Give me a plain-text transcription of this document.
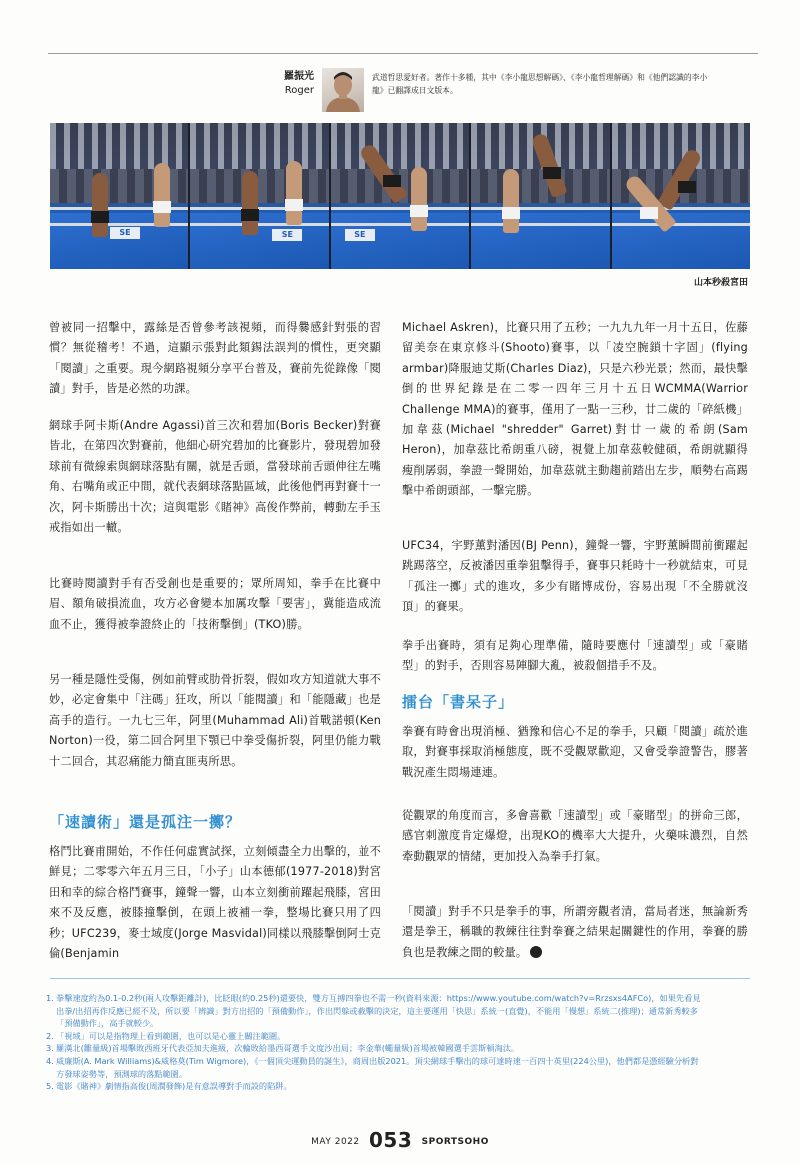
羅振光
Roger
武道哲思愛好者。著作十多種，其中《李小龍思想解碼》、《李小龍哲理解碼》和《他們認識的李小龍》已翻譯成日文版本。
SE	SE	SE
山本秒殺宮田

曾被同一招擊中，露絲是否曾參考該視頻，而得爨感針對張的習慣？無從稽考！不過，這顯示張對此類錫法誤判的慣性，更突顯「閱讀」之重要。現今網路視頻分享平台普及，賽前先從錄像「閱讀」對手，皆是必然的功課。

網球手阿卡斯(Andre Agassi)首三次和碧加(Boris Becker)對賽皆北，在第四次對賽前，他細心研究碧加的比賽影片，發現碧加發球前有微線索與網球落點有關，就是舌頭，當發球前舌頭伸往左嘴角、右嘴角或正中間，就代表網球落點區域，此後他們再對賽十一次，阿卡斯勝出十次；這與電影《賭神》高俊作弊前，轉動左手玉戒指如出一轍。

比賽時閱讀對手有否受創也是重要的；眾所周知，拳手在比賽中眉、額角破損流血，攻方必會變本加厲攻擊「要害」，冀能造成流血不止，獲得被拳證終止的「技術擊倒」(TKO)勝。

另一種是隱性受傷，例如前臂或肋骨折裂，假如攻方知道就大事不妙，必定會集中「注碼」狂攻，所以「能閱讀」和「能隱藏」也是高手的造行。一九七三年，阿里(Muhammad Ali)首戰諾頓(Ken Norton)一役，第二回合阿里下顎已中拳受傷折裂，阿里仍能力戰十二回合，其忍痛能力簡直匪夷所思。

「速讀術」還是孤注一擲？

格鬥比賽甫開始，不作任何虛實試探，立刻傾盡全力出擊的，並不鮮見；二零零六年五月三日，「小子」山本德郁(1977-2018)對宮田和幸的綜合格鬥賽事，鐘聲一響，山本立刻衝前躍起飛膝，宮田來不及反應，被膝撞擊倒，在頭上被補一拳，整場比賽只用了四秒；UFC239，麥士域度(Jorge Masvidal)同樣以飛膝擊倒阿士克倫(Benjamin

Michael Askren)，比賽只用了五秒；一九九九年一月十五日，佐藤留美奈在東京修斗(Shooto)賽事，以「凌空腕鎖十字固」(flying armbar)降服迪艾斯(Charles Diaz)，只是六秒光景；然而，最快擊倒的世界紀錄是在二零一四年三月十五日WCMMA(Warrior Challenge MMA)的賽事，僅用了一點一三秒，廿二歲的「碎紙機」加韋茲(Michael "shredder" Garret)對廿一歲的希朗(Sam Heron)，加韋茲比希朗重八磅，視覺上加韋茲較健碩，希朗就顯得瘦削孱弱，拳證一聲開始，加韋茲就主動趨前踏出左步，順勢右高踢擊中希朗頭部，一擊完勝。

UFC34，宇野薰對潘因(BJ Penn)，鐘聲一響，宇野薰瞬間前衝躍起跳踢落空，反被潘因重拳狙擊得手，賽事只耗時十一秒就結束，可見「孤注一擲」式的進攻，多少有賭博成份，容易出現「不全勝就沒頂」的賽果。

拳手出賽時，須有足夠心理準備，隨時要應付「速讀型」或「豪賭型」的對手，否則容易陣腳大亂，被殺個措手不及。

擂台「書呆子」

拳賽有時會出現消極、猶豫和信心不足的拳手，只顧「閱讀」疏於進取，對賽事採取消極態度，既不受觀眾歡迎，又會受拳證警告，膠著戰況產生悶場連連。

從觀眾的角度而言，多會喜歡「速讀型」或「豪賭型」的拼命三郎，感官刺激度肯定爆燈，出現KO的機率大大提升，火藥味濃烈，自然牽動觀眾的情緒，更加投入為拳手打氣。

「閱讀」對手不只是拳手的事，所謂旁觀者清，當局者迷，無論新秀還是拳王，稱職的教練往往對拳賽之結果起關鍵性的作用，拳賽的勝負也是教練之間的較量。

1. 拳擊速度約為0.1-0.2秒(兩人攻擊距離計)，比眨眼(約0.25秒)還要快，雙方互搏四拳也不需一秒(資料來源：https://www.youtube.com/watch?v=Rrzsxs4AFCo)，如果先看見出拳/出招再作反應已經不及，所以要「辨識」對方出招的「預備動作」，作出閃躲或截擊的決定，這主要運用「快思」系統一(直覺)，不能用「慢想」系統二(推理)；通常新秀較多「預備動作」，高手就較少。
2. 「視域」可以是指物理上看到範圍，也可以是心靈上關注範圍。
3. 羅漢北(雛量級)首場擊敗西班牙代表亞加夫進級，次輪敗給墨西哥選手文度沙出局；李金華(蠅量級)首場被韓國選手雲斯頓淘汰。
4. 威廉斯(A. Mark Williams)&威格莫(Tim Wigmore)，《一個頂尖運動員的誕生》，商周出版2021。頂尖網球手擊出的球可達時速一百四十英里(224公里)，他們都是憑經驗分析對方發球姿勢等，預測球的落點範圍。
5. 電影《賭神》劇情指高俊(周潤發飾)是有意誤導對手而設的陷阱。
MAY 2022 053 SPORTSOHO
